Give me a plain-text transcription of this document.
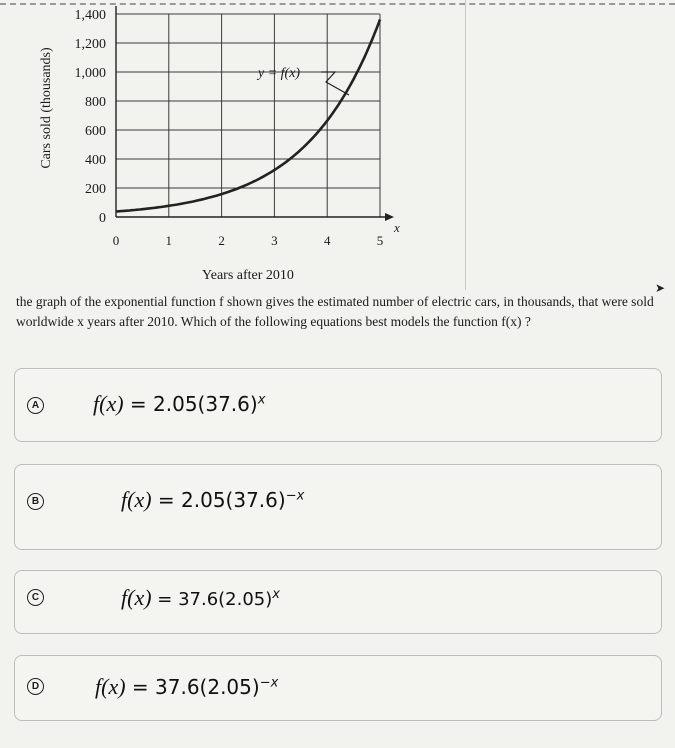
0
200
400
600
800
1,000
1,200
1,400
0	1	2	3	4	5
y = f(x)
x
Years after 2010
Cars sold (thousands)
➤
the graph of the exponential function f shown gives the estimated number of electric cars, in thousands, that were sold worldwide x years after 2010. Which of the following equations best models the function f(x) ?
A $f(x) = 2.05(37.6)^x$
B	$f(x) = 2.05(37.6)^{-x}$
C	$f(x) = 37.6(2.05)^x$
D	$f(x) = 37.6(2.05)^{-x}$
